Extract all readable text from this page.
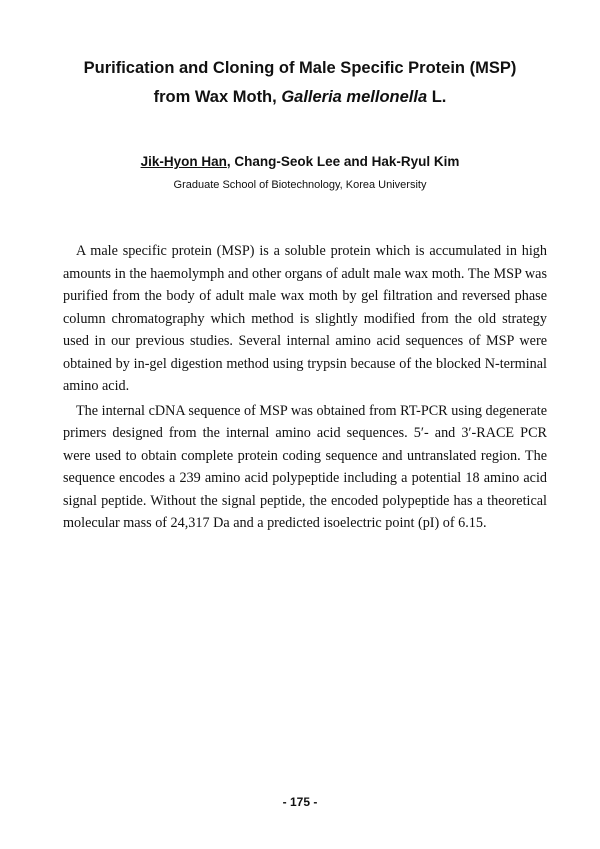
Purification and Cloning of Male Specific Protein (MSP)
from Wax Moth, Galleria mellonella L.
Jik-Hyon Han, Chang-Seok Lee and Hak-Ryul Kim
Graduate School of Biotechnology, Korea University

A male specific protein (MSP) is a soluble protein which is accumulated in high amounts in the haemolymph and other organs of adult male wax moth. The MSP was purified from the body of adult male wax moth by gel filtration and reversed phase column chromatography which method is slightly modified from the old strategy used in our previous studies. Several internal amino acid sequences of MSP were obtained by in-gel digestion method using trypsin because of the blocked N-terminal amino acid.

The internal cDNA sequence of MSP was obtained from RT-PCR using degenerate primers designed from the internal amino acid sequences. 5′- and 3′-RACE PCR were used to obtain complete protein coding sequence and untranslated region. The sequence encodes a 239 amino acid polypeptide including a potential 18 amino acid signal peptide. Without the signal peptide, the encoded polypeptide has a theoretical molecular mass of 24,317 Da and a predicted isoelectric point (pI) of 6.15.

- 175 -
